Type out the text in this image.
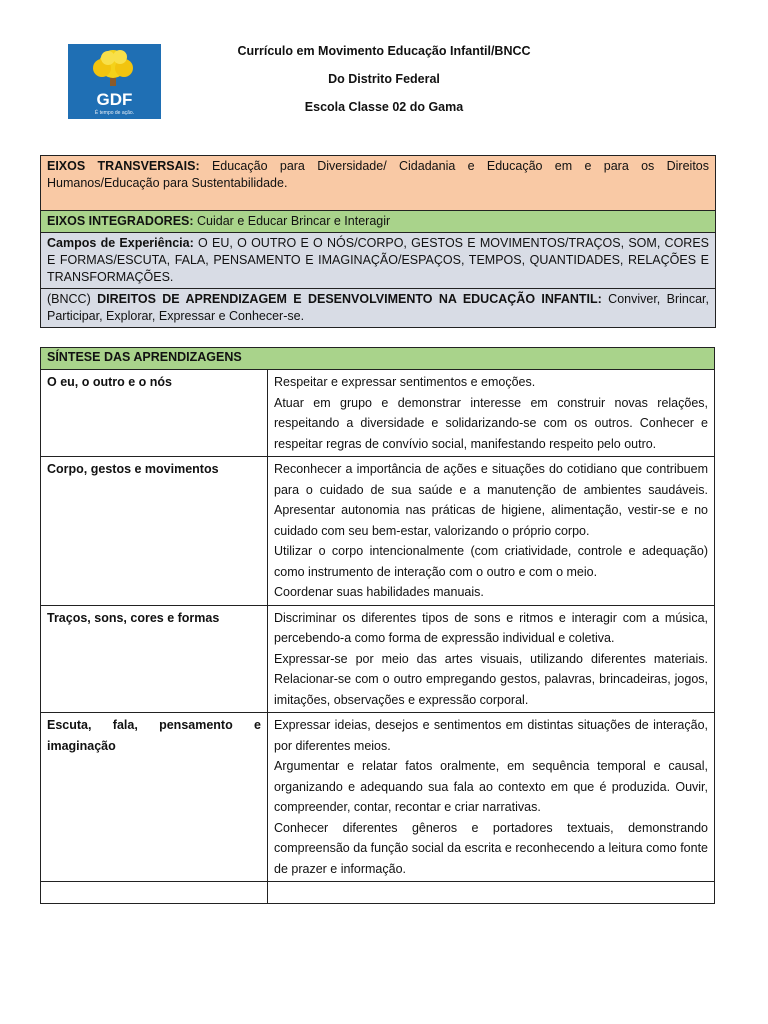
GDF
É tempo de ação.
Currículo em Movimento Educação Infantil/BNCC
Do Distrito Federal
Escola Classe 02 do Gama
EIXOS TRANSVERSAIS: Educação para Diversidade/ Cidadania e Educação em e para os Direitos Humanos/Educação para Sustentabilidade.
EIXOS INTEGRADORES: Cuidar e Educar Brincar e Interagir
Campos de Experiência: O EU, O OUTRO E O NÓS/CORPO, GESTOS E MOVIMENTOS/TRAÇOS, SOM, CORES E FORMAS/ESCUTA, FALA, PENSAMENTO E IMAGINAÇÃO/ESPAÇOS, TEMPOS, QUANTIDADES, RELAÇÕES E TRANSFORMAÇÕES.
(BNCC) DIREITOS DE APRENDIZAGEM E DESENVOLVIMENTO NA EDUCAÇÃO INFANTIL: Conviver, Brincar, Participar, Explorar, Expressar e Conhecer-se.
SÍNTESE DAS APRENDIZAGENS	
O eu, o outro e o nós	Respeitar e expressar sentimentos e emoções.
Atuar em grupo e demonstrar interesse em construir novas relações, respeitando a diversidade e solidarizando-se com os outros. Conhecer e respeitar regras de convívio social, manifestando respeito pelo outro.

Corpo, gestos e movimentos	Reconhecer a importância de ações e situações do cotidiano que contribuem para o cuidado de sua saúde e a manutenção de ambientes saudáveis. Apresentar autonomia nas práticas de higiene, alimentação, vestir-se e no cuidado com seu bem-estar, valorizando o próprio corpo.
Utilizar o corpo intencionalmente (com criatividade, controle e adequação) como instrumento de interação com o outro e com o meio.
Coordenar suas habilidades manuais.

Traços, sons, cores e formas	Discriminar os diferentes tipos de sons e ritmos e interagir com a música, percebendo-a como forma de expressão individual e coletiva.
Expressar-se por meio das artes visuais, utilizando diferentes materiais. Relacionar-se com o outro empregando gestos, palavras, brincadeiras, jogos, imitações, observações e expressão corporal.

Escuta, fala, pensamento e imaginação	Expressar ideias, desejos e sentimentos em distintas situações de interação, por diferentes meios.
Argumentar e relatar fatos oralmente, em sequência temporal e causal, organizando e adequando sua fala ao contexto em que é produzida. Ouvir, compreender, contar, recontar e criar narrativas.
Conhecer diferentes gêneros e portadores textuais, demonstrando compreensão da função social da escrita e reconhecendo a leitura como fonte de prazer e informação.
